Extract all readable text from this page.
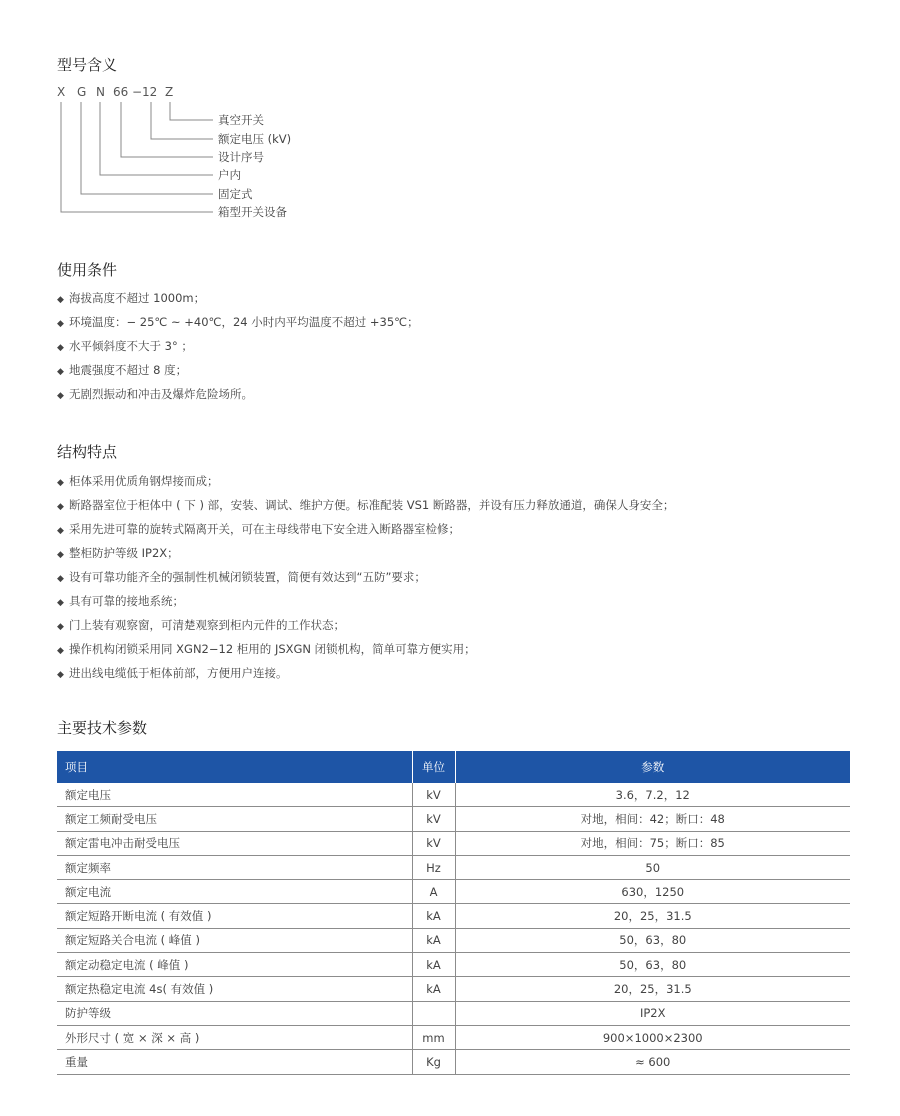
型号含义
X G N 66 − 12 Z
真空开关
额定电压 (kV)
设计序号
户内
固定式
箱型开关设备
使用条件
◆ 海拔高度不超过 1000m；
◆ 环境温度：− 25℃ ~ +40℃，24 小时内平均温度不超过 +35℃；
◆ 水平倾斜度不大于 3° ；
◆ 地震强度不超过 8 度；
◆ 无剧烈振动和冲击及爆炸危险场所。
结构特点
◆ 柜体采用优质角钢焊接而成；
◆ 断路器室位于柜体中 ( 下 ) 部，安装、调试、维护方便。标准配装 VS1 断路器，并设有压力释放通道，确保人身安全；
◆ 采用先进可靠的旋转式隔离开关，可在主母线带电下安全进入断路器室检修；
◆ 整柜防护等级 IP2X；
◆ 设有可靠功能齐全的强制性机械闭锁装置，简便有效达到“五防”要求；
◆ 具有可靠的接地系统；
◆ 门上装有观察窗，可清楚观察到柜内元件的工作状态；
◆ 操作机构闭锁采用同 XGN2−12 柜用的 JSXGN 闭锁机构，简单可靠方便实用；
◆ 进出线电缆低于柜体前部，方便用户连接。
主要技术参数
项目	单位	参数
额定电压	kV	3.6，7.2，12
额定工频耐受电压	kV	对地，相间：42；断口：48
额定雷电冲击耐受电压	kV	对地，相间：75；断口：85
额定频率	Hz	50
额定电流	A	630，1250
额定短路开断电流 ( 有效值 )	kA	20，25，31.5
额定短路关合电流 ( 峰值 )	kA	50，63，80
额定动稳定电流 ( 峰值 )	kA	50，63，80
额定热稳定电流 4s( 有效值 )	kA	20，25，31.5
防护等级		IP2X
外形尺寸 ( 宽 × 深 × 高 )	mm	900×1000×2300
重量	Kg	≈ 600
